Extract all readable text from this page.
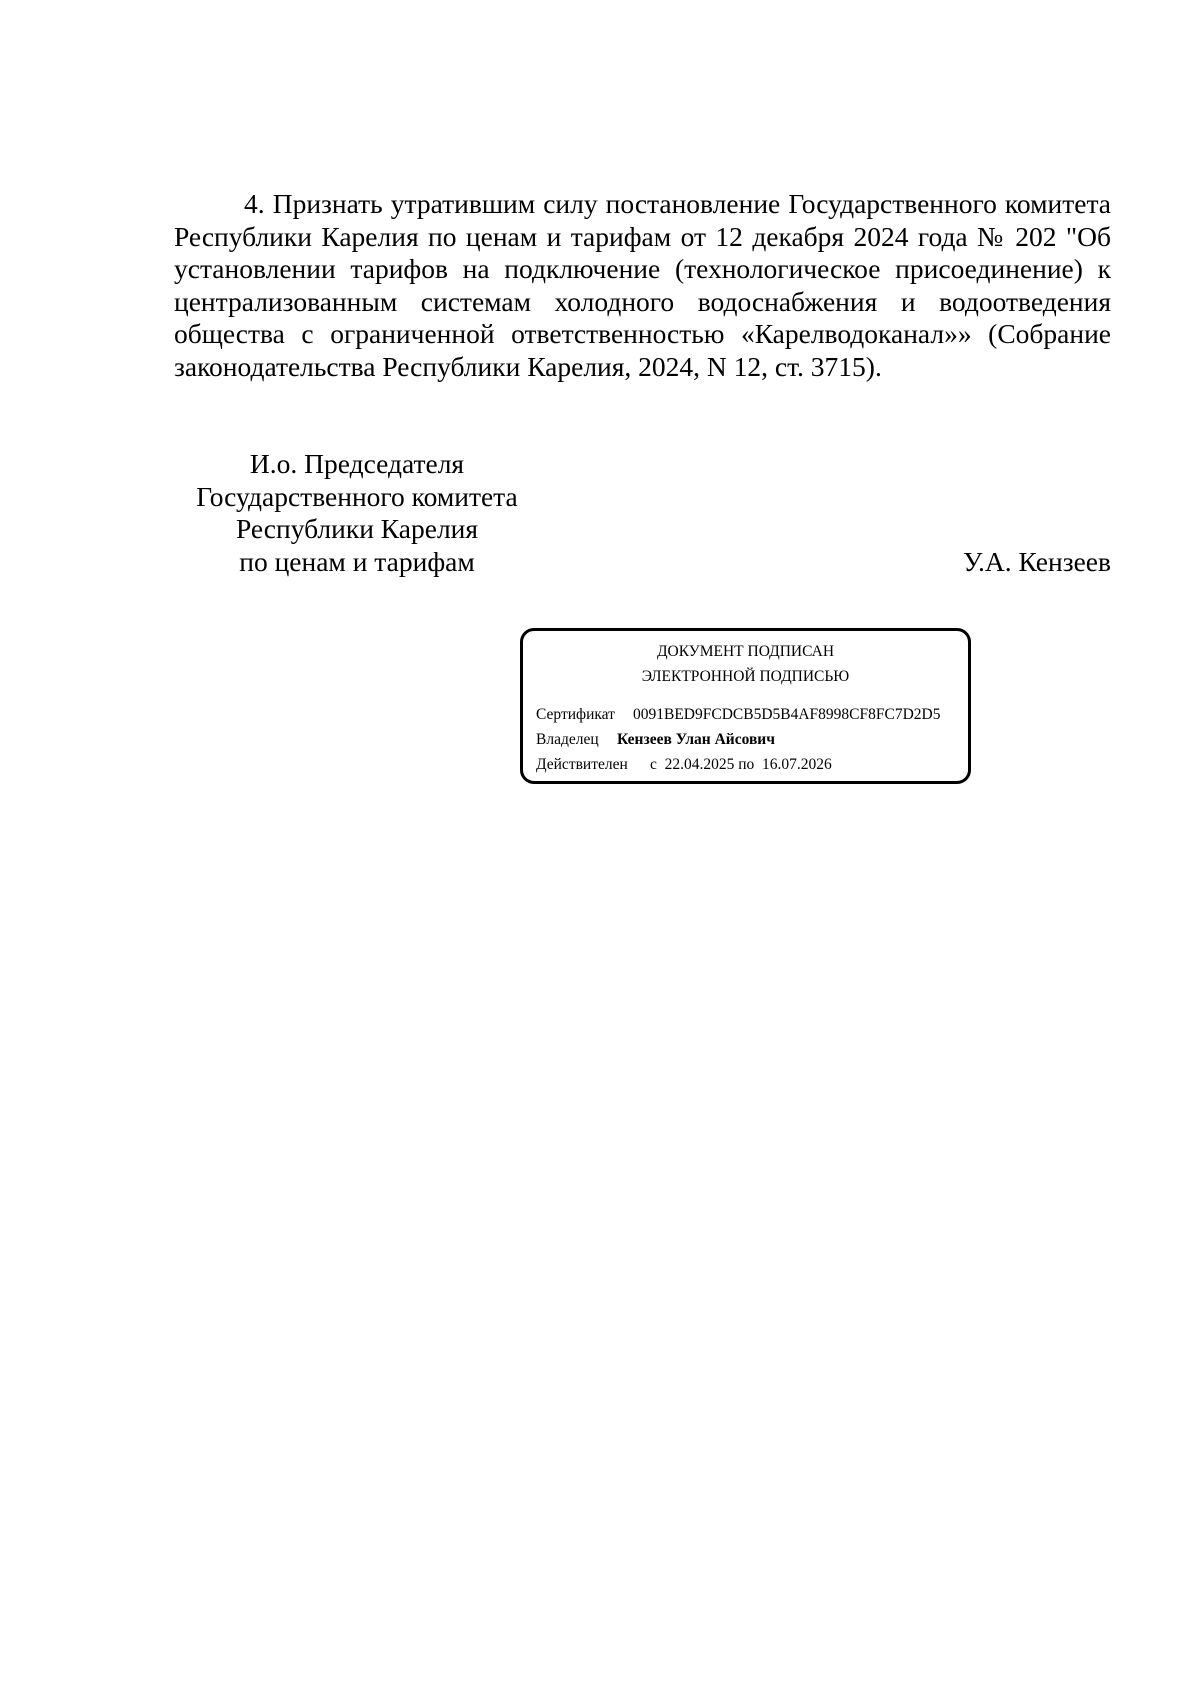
4. Признать утратившим силу постановление Государственного комитета Республики Карелия по ценам и тарифам от 12 декабря 2024 года № 202 "Об установлении тарифов на подключение (технологическое присоединение) к централизованным системам холодного водоснабжения и водоотведения общества с ограниченной ответственностью «Карелводоканал»» (Собрание законодательства Республики Карелия, 2024, N 12, ст. 3715).

И.о. Председателя
Государственного комитета
Республики Карелия
по ценам и тарифам	У.А. Кензеев
ДОКУМЕНТ ПОДПИСАН
ЭЛЕКТРОННОЙ ПОДПИСЬЮ
Сертификат 0091BED9FCDCB5D5B4AF8998CF8FC7D2D5
Владелец Кензеев Улан Айсович
Действителен с  22.04.2025 по  16.07.2026
